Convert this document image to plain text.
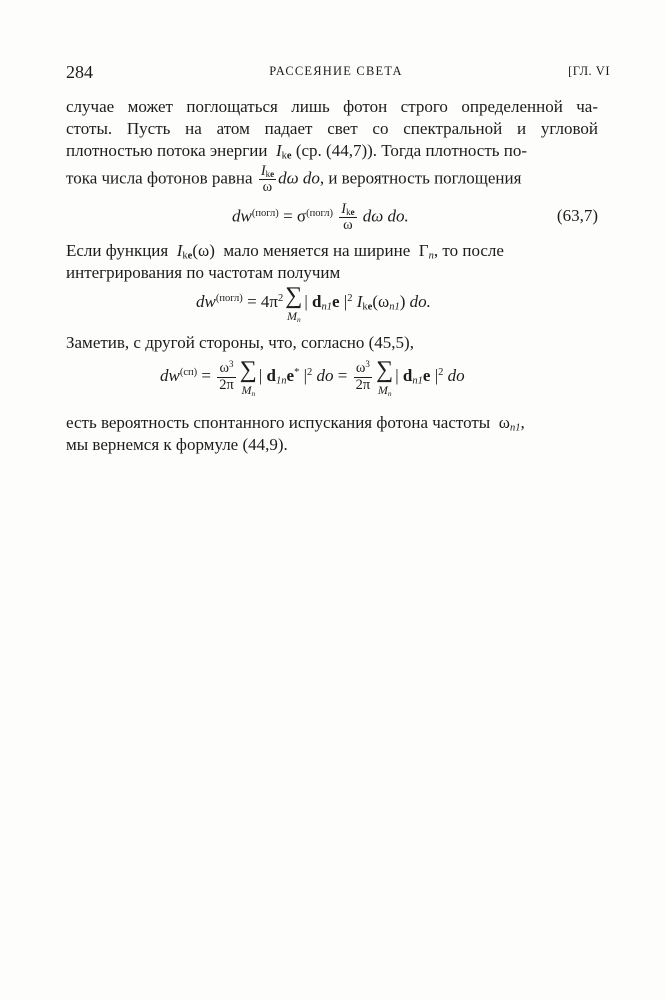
284	РАССЕЯНИЕ СВЕТА	[ГЛ. VI
случае может поглощаться лишь фотон строго определенной ча-
стоты. Пусть на атом падает свет со спектральной и угловой
плотностью потока энергии $I_{ke}$ (ср. (44,7)). Тогда плотность по-
тока числа фотонов равна $\frac{I_{ke}}{\omega}$ dω do, и вероятность поглощения
$dw^{(погл)} = \sigma^{(погл)} \frac{I_{ke}}{\omega}$ dω do.	(63,7)
Если функция $I_{ke}(\omega)$  мало меняется на ширине  $\Gamma_n$, то после
интегрирования по частотам получим
$dw^{(погл)} = 4\pi^2$ ∑
$M_n$
| $d_{n1}e$ $|^2$ $I_{ke}(\omega_{n1})$ do.
Заметив, с другой стороны, что, согласно (45,5),
$dw^{(сп)} = \frac{\omega^3}{2\pi}$ ∑
$M_n$
| $d_{1n}e^*$ $|^2$ do = $\frac{\omega^3}{2\pi}$ ∑
$M_n$
| $d_{n1}e$ $|^2$ do
есть вероятность спонтанного испускания фотона частоты  $\omega_{n1}$,
мы вернемся к формуле (44,9).
